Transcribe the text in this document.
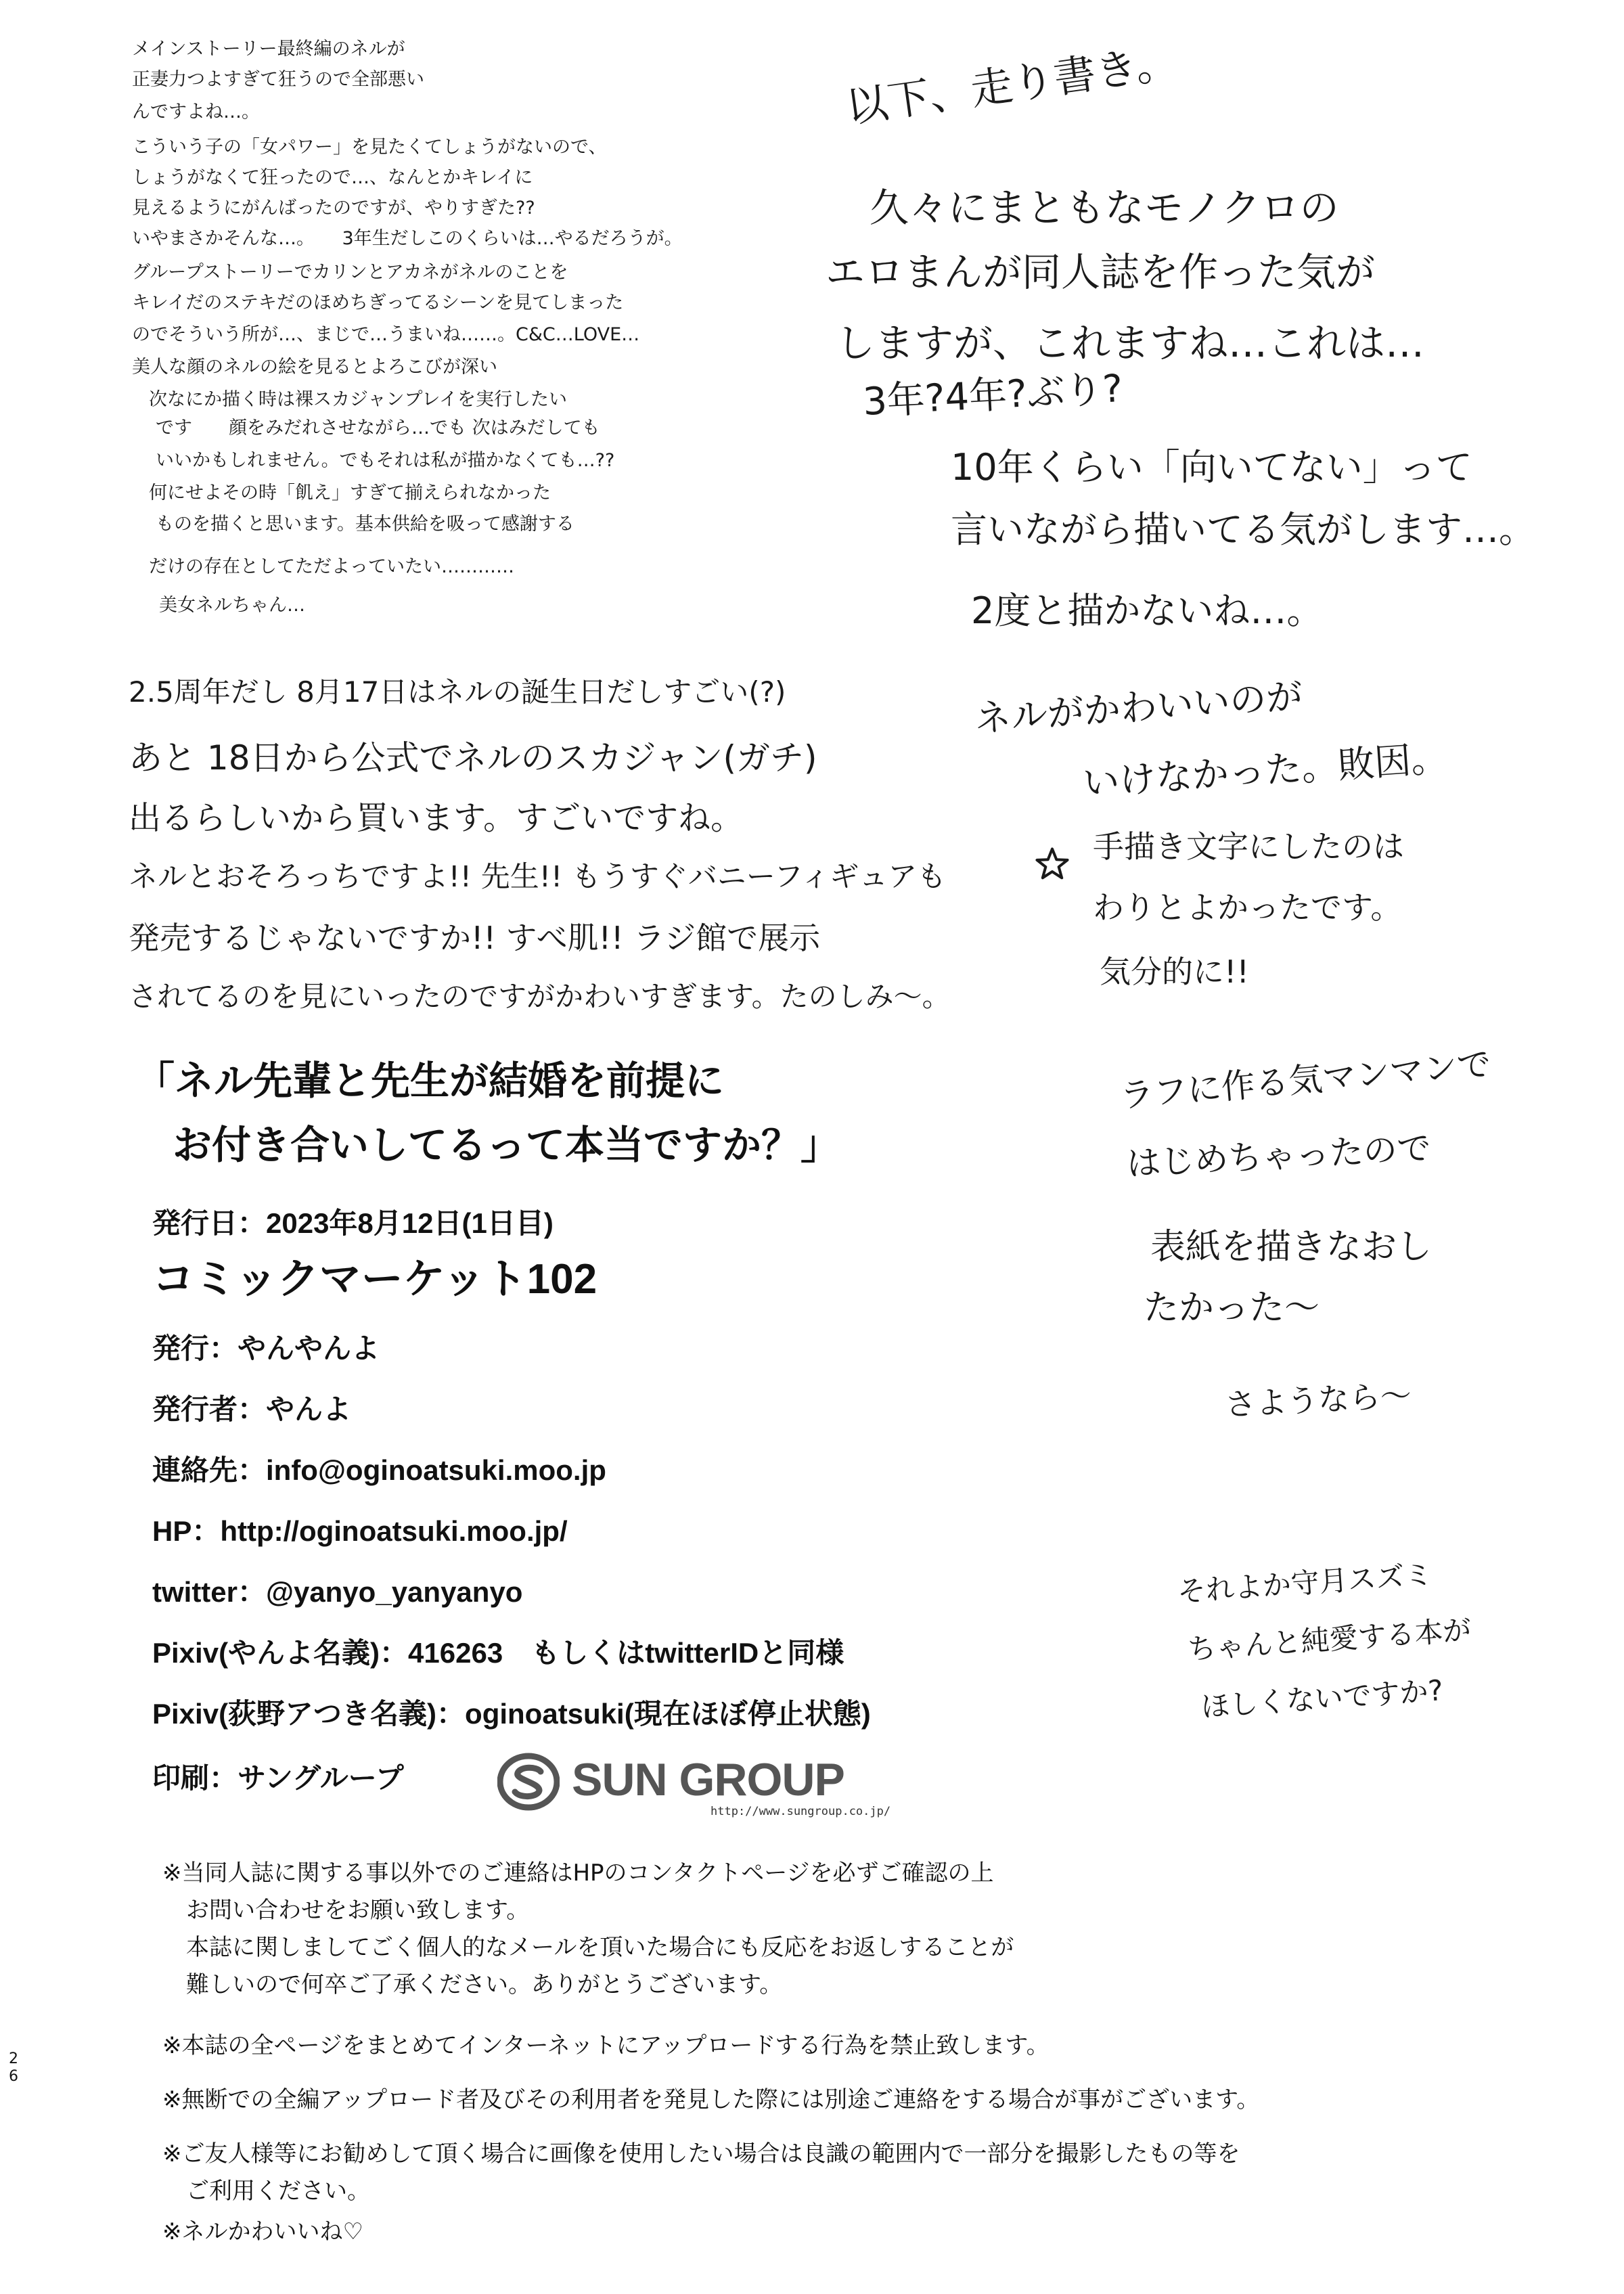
メインストーリー最終編のネルが
正妻力つよすぎて狂うので全部悪い
んですよね…。
こういう子の「女パワー」を見たくてしょうがないので、
しょうがなくて狂ったので…、なんとかキレイに
見えるようにがんばったのですが、やりすぎた??
いやまさかそんな…。　　3年生だしこのくらいは…やるだろうが。
グループストーリーでカリンとアカネがネルのことを
キレイだのステキだのほめちぎってるシーンを見てしまった
のでそういう所が…、まじで…うまいね……。C&C…LOVE…
美人な顔のネルの絵を見るとよろこびが深い
次なにか描く時は裸スカジャンプレイを実行したい
です　　顔をみだれさせながら…でも 次はみだしても
いいかもしれません。でもそれは私が描かなくても…??
何にせよその時「飢え」すぎて揃えられなかった
ものを描くと思います。基本供給を吸って感謝する
だけの存在としてただよっていたい…………
美女ネルちゃん…
以下、走り書き。
久々にまともなモノクロの
エロまんが同人誌を作った気が
しますが、これますね…これは…
3年?4年?ぶり?
10年くらい「向いてない」って
言いながら描いてる気がします…。
2度と描かないね…。
ネルがかわいいのが
いけなかった。敗因。
2.5周年だし 8月17日はネルの誕生日だしすごい(?)
あと 18日から公式でネルのスカジャン(ガチ)
出るらしいから買います。すごいですね。
ネルとおそろっちですよ!! 先生!! もうすぐバニーフィギュアも
発売するじゃないですか!! すべ肌!! ラジ館で展示
されてるのを見にいったのですがかわいすぎます。たのしみ〜。
手描き文字にしたのは
わりとよかったです。
気分的に!!
ラフに作る気マンマンで
はじめちゃったので
表紙を描きなおし
たかった〜
さようなら〜
それよか守月スズミ
ちゃんと純愛する本が
ほしくないですか?
「ネル先輩と先生が結婚を前提に
お付き合いしてるって本当ですか？」
発行日：2023年8月12日(1日目)
コミックマーケット102
発行：やんやんよ
発行者：やんよ
連絡先：info@oginoatsuki.moo.jp
HP：http://oginoatsuki.moo.jp/
twitter：@yanyo_yanyanyo
Pixiv(やんよ名義)：416263　もしくはtwitterIDと同様
Pixiv(荻野アつき名義)：oginoatsuki(現在ほぼ停止状態)
印刷：サングループ	SUN GROUP
http://www.sungroup.co.jp/
※当同人誌に関する事以外でのご連絡はHPのコンタクトページを必ずご確認の上
お問い合わせをお願い致します。
本誌に関しましてごく個人的なメールを頂いた場合にも反応をお返しすることが
難しいので何卒ご了承ください。ありがとうございます。
※本誌の全ページをまとめてインターネットにアップロードする行為を禁止致します。
※無断での全編アップロード者及びその利用者を発見した際には別途ご連絡をする場合が事がございます。
※ご友人様等にお勧めして頂く場合に画像を使用したい場合は良識の範囲内で一部分を撮影したもの等を
ご利用ください。
※ネルかわいいね♡
2
6
